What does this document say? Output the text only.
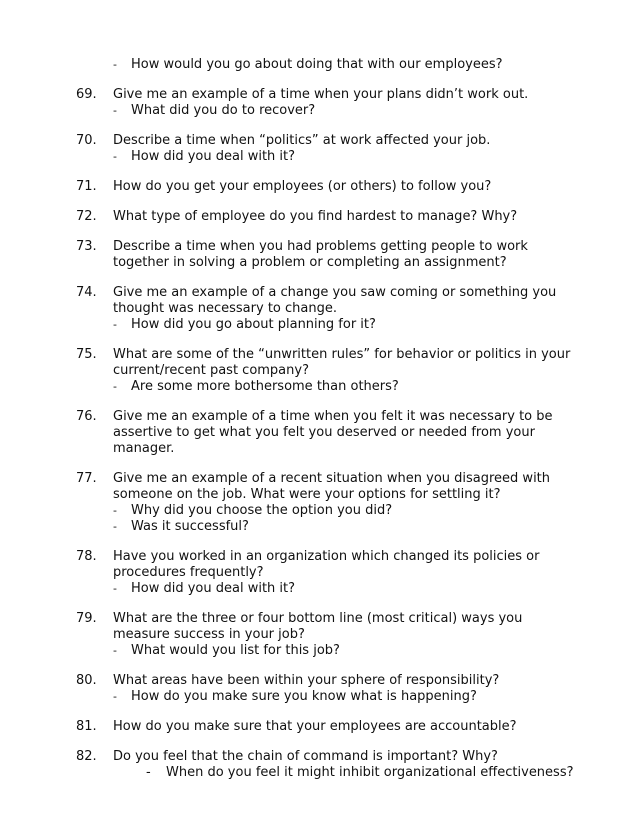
-	How would you go about doing that with our employees?
69. Give me an example of a time when your plans didn’t work out.
-	What did you do to recover?
70. Describe a time when “politics” at work affected your job.
-	How did you deal with it?
71. How do you get your employees (or others) to follow you?
72. What type of employee do you find hardest to manage? Why?
73. Describe a time when you had problems getting people to work together in solving a problem or completing an assignment?
74. Give me an example of a change you saw coming or something you thought was necessary to change.
-	How did you go about planning for it?
75. What are some of the “unwritten rules” for behavior or politics in your current/recent past company?
-	Are some more bothersome than others?
76. Give me an example of a time when you felt it was necessary to be assertive to get what you felt you deserved or needed from your manager.
77. Give me an example of a recent situation when you disagreed with someone on the job. What were your options for settling it?
-	Why did you choose the option you did?
-	Was it successful?
78. Have you worked in an organization which changed its policies or procedures frequently?
-	How did you deal with it?
79. What are the three or four bottom line (most critical) ways you measure success in your job?
-	What would you list for this job?
80. What areas have been within your sphere of responsibility?
-	How do you make sure you know what is happening?
81. How do you make sure that your employees are accountable?
82. Do you feel that the chain of command is important? Why?
-	When do you feel it might inhibit organizational effectiveness?
